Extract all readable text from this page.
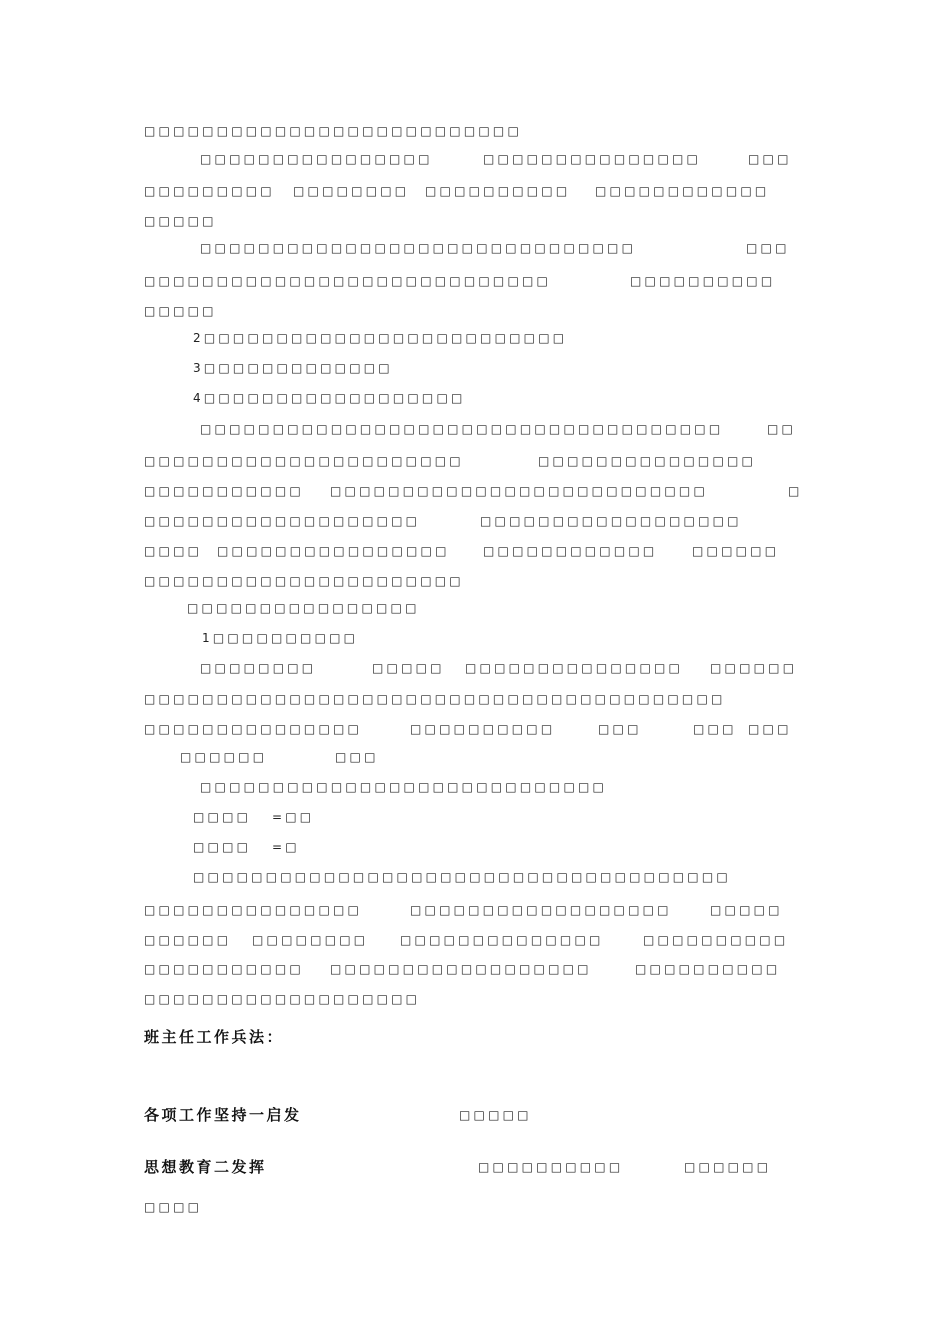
□□□□□□□□□□□□□□□□□□□□□□□□□□
□□□□□□□□□□□□□□□□	□□□□□□□□□□□□□□□	□□□
□□□□□□□□□ □□□□□□□□ □□□□□□□□□□ □□□□□□□□□□□□
□□□□□
□□□□□□□□□□□□□□□□□□□□□□□□□□□□□□	□□□
□□□□□□□□□□□□□□□□□□□□□□□□□□□□	□□□□□□□□□□
□□□□□
2□□□□□□□□□□□□□□□□□□□□□□□□□
3□□□□□□□□□□□□□
4□□□□□□□□□□□□□□□□□□
□□□□□□□□□□□□□□□□□□□□□□□□□□□□□□□□□□□□	□□
□□□□□□□□□□□□□□□□□□□□□□	□□□□□□□□□□□□□□□
□□□□□□□□□□□ □□□□□□□□□□□□□□□□□□□□□□□□□□	□
□□□□□□□□□□□□□□□□□□□	□□□□□□□□□□□□□□□□□□
□□□□ □□□□□□□□□□□□□□□□	□□□□□□□□□□□□	□□□□□□
□□□□□□□□□□□□□□□□□□□□□□
□□□□□□□□□□□□□□□□
1□□□□□□□□□□
□□□□□□□□	□□□□□ □□□□□□□□□□□□□□□ □□□□□□
□□□□□□□□□□□□□□□□□□□□□□□□□□□□□□□□□□□□□□□□
□□□□□□□□□□□□□□□	□□□□□□□□□□	□□□	□□□ □□□
□□□□□□	□□□
□□□□□□□□□□□□□□□□□□□□□□□□□□□□
□□□□ =□□
□□□□ =□
□□□□□□□□□□□□□□□□□□□□□□□□□□□□□□□□□□□□□
□□□□□□□□□□□□□□□	□□□□□□□□□□□□□□□□□□	□□□□□
□□□□□□ □□□□□□□□	□□□□□□□□□□□□□□	□□□□□□□□□□
□□□□□□□□□□□ □□□□□□□□□□□□□□□□□□	□□□□□□□□□□
□□□□□□□□□□□□□□□□□□□
班主任工作兵法：
各项工作坚持一启发	□□□□□
思想教育二发挥	□□□□□□□□□□	□□□□□□
□□□□
